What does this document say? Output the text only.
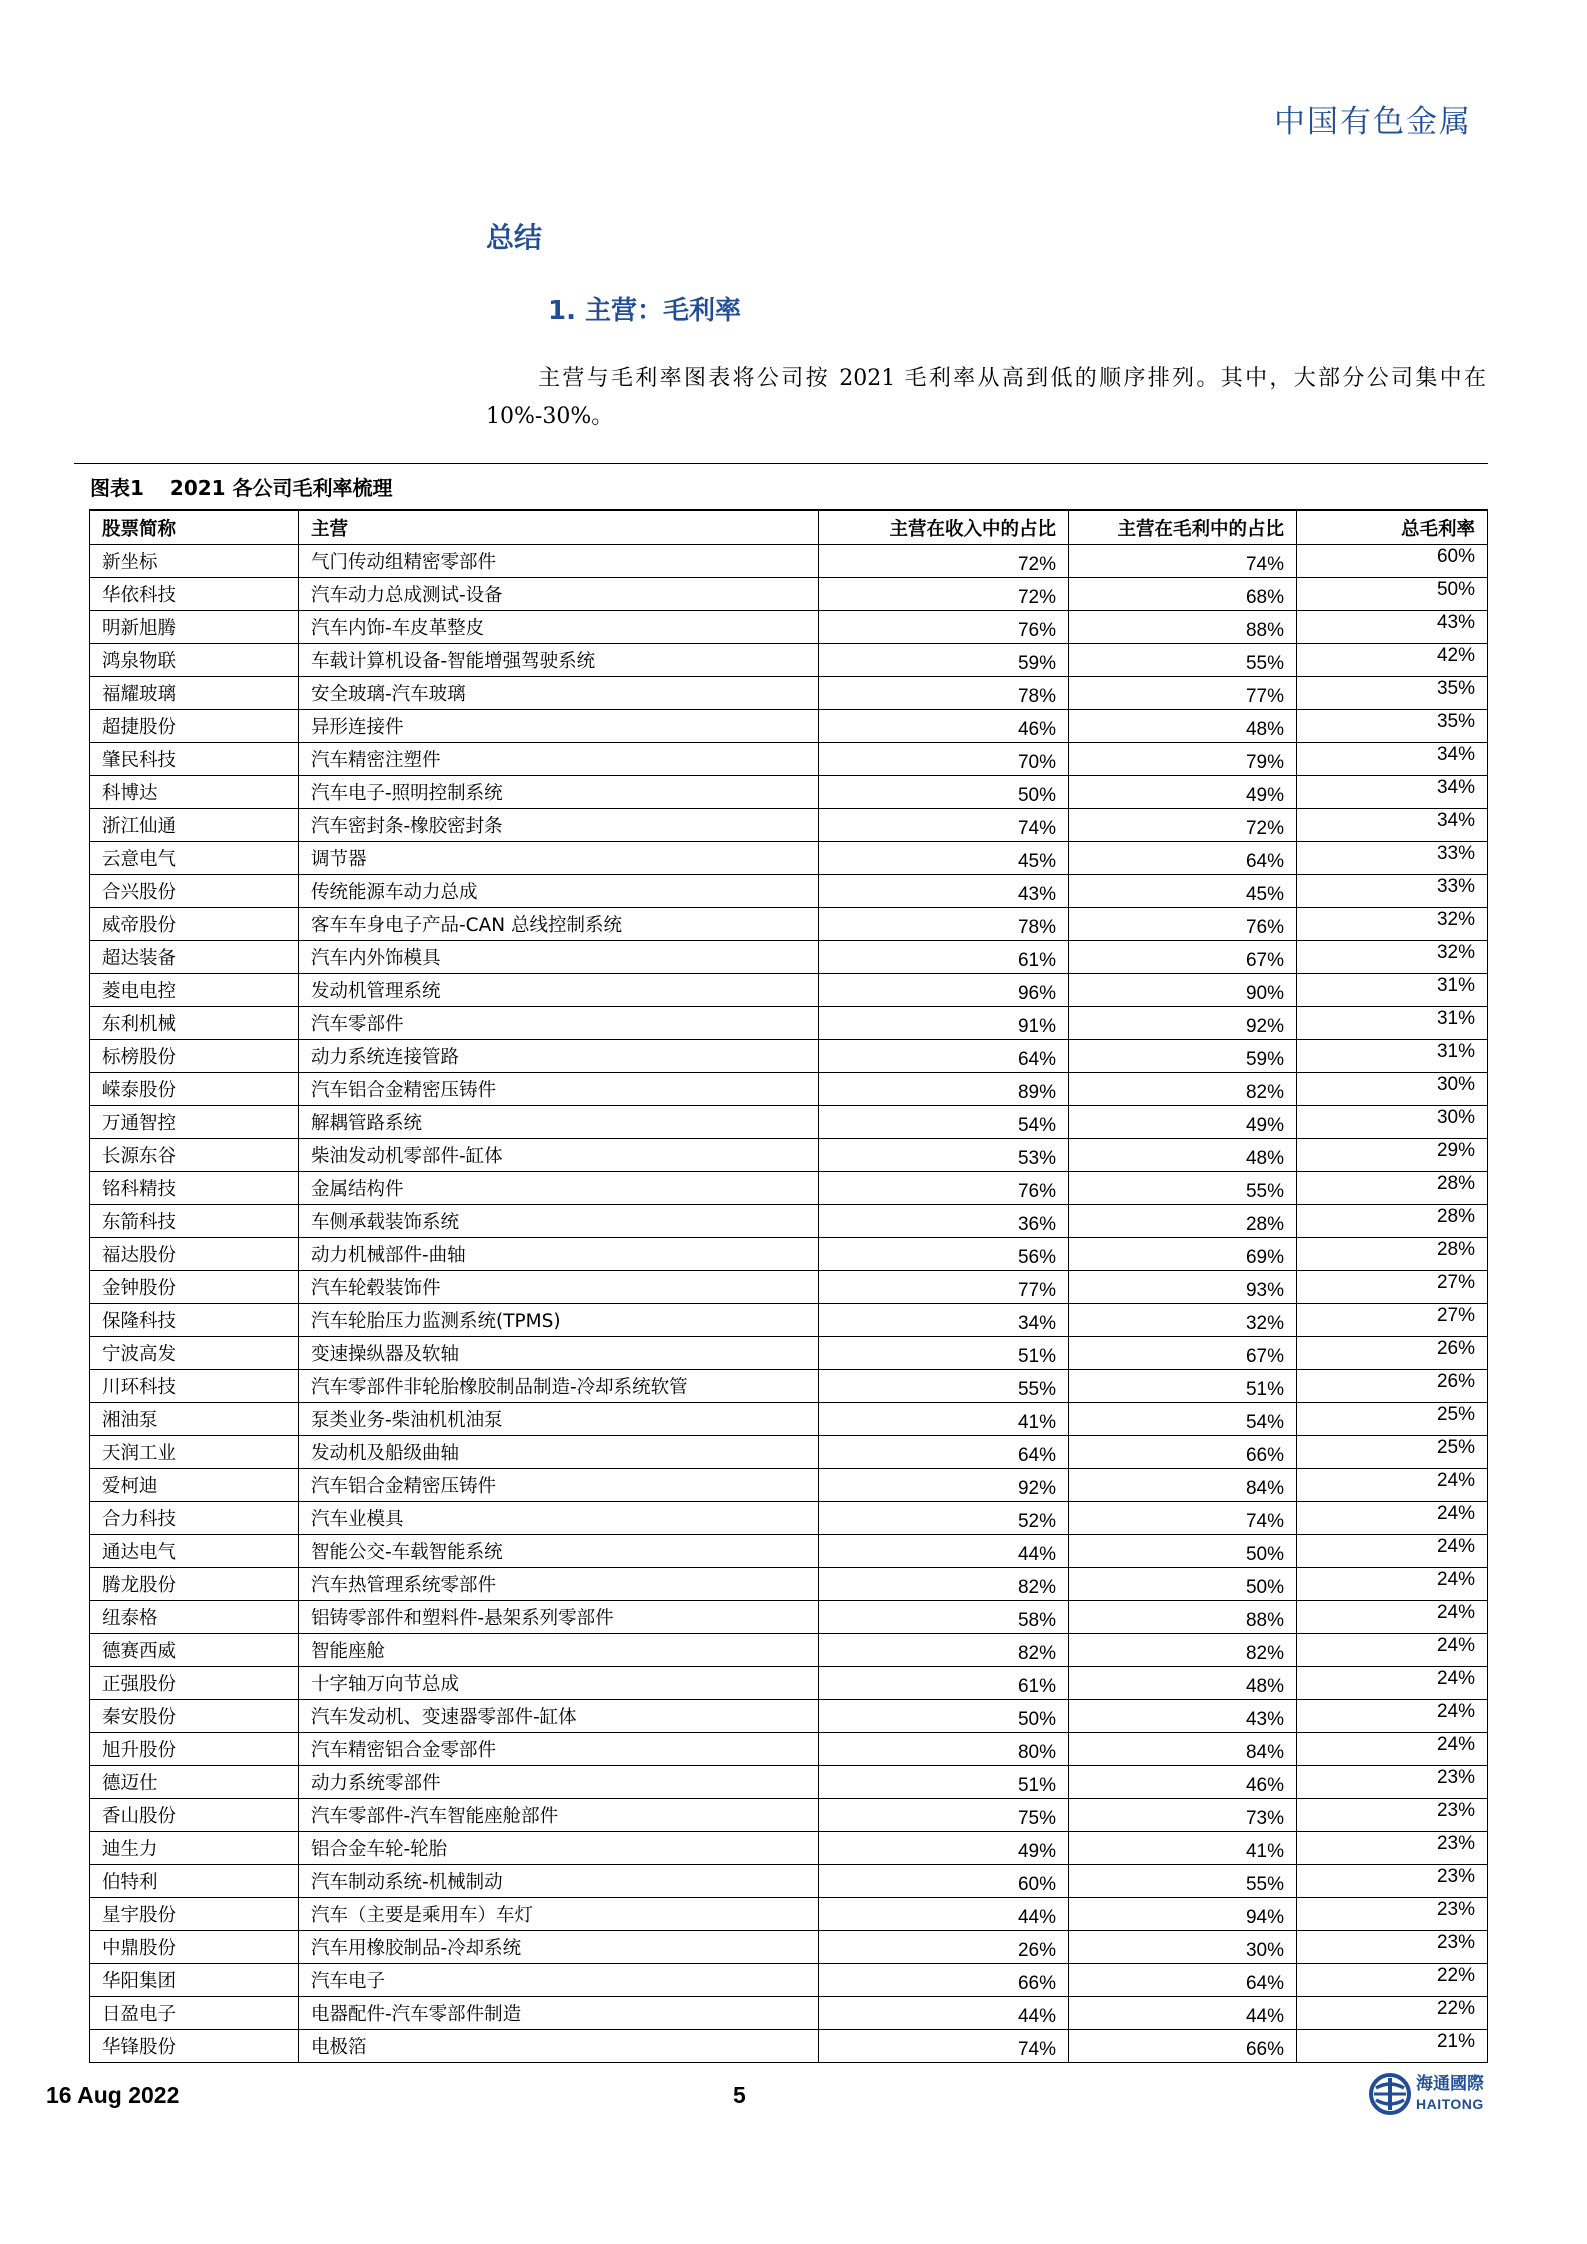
中国有色金属
总结
1. 主营：毛利率

主营与毛利率图表将公司按 2021 毛利率从高到低的顺序排列。其中，大部分公司集中在 10%-30%。

图表1 2021 各公司毛利率梳理
股票简称	主营	主营在收入中的占比	主营在毛利中的占比	总毛利率
新坐标	气门传动组精密零部件	72%	74%	60%
华依科技	汽车动力总成测试-设备	72%	68%	50%
明新旭腾	汽车内饰-车皮革整皮	76%	88%	43%
鸿泉物联	车载计算机设备-智能增强驾驶系统	59%	55%	42%
福耀玻璃	安全玻璃-汽车玻璃	78%	77%	35%
超捷股份	异形连接件	46%	48%	35%
肇民科技	汽车精密注塑件	70%	79%	34%
科博达	汽车电子-照明控制系统	50%	49%	34%
浙江仙通	汽车密封条-橡胶密封条	74%	72%	34%
云意电气	调节器	45%	64%	33%
合兴股份	传统能源车动力总成	43%	45%	33%
威帝股份	客车车身电子产品-CAN 总线控制系统	78%	76%	32%
超达装备	汽车内外饰模具	61%	67%	32%
菱电电控	发动机管理系统	96%	90%	31%
东利机械	汽车零部件	91%	92%	31%
标榜股份	动力系统连接管路	64%	59%	31%
嵘泰股份	汽车铝合金精密压铸件	89%	82%	30%
万通智控	解耦管路系统	54%	49%	30%
长源东谷	柴油发动机零部件-缸体	53%	48%	29%
铭科精技	金属结构件	76%	55%	28%
东箭科技	车侧承载装饰系统	36%	28%	28%
福达股份	动力机械部件-曲轴	56%	69%	28%
金钟股份	汽车轮毂装饰件	77%	93%	27%
保隆科技	汽车轮胎压力监测系统(TPMS)	34%	32%	27%
宁波高发	变速操纵器及软轴	51%	67%	26%
川环科技	汽车零部件非轮胎橡胶制品制造-冷却系统软管	55%	51%	26%
湘油泵	泵类业务-柴油机机油泵	41%	54%	25%
天润工业	发动机及船级曲轴	64%	66%	25%
爱柯迪	汽车铝合金精密压铸件	92%	84%	24%
合力科技	汽车业模具	52%	74%	24%
通达电气	智能公交-车载智能系统	44%	50%	24%
腾龙股份	汽车热管理系统零部件	82%	50%	24%
纽泰格	铝铸零部件和塑料件-悬架系列零部件	58%	88%	24%
德赛西威	智能座舱	82%	82%	24%
正强股份	十字轴万向节总成	61%	48%	24%
秦安股份	汽车发动机、变速器零部件-缸体	50%	43%	24%
旭升股份	汽车精密铝合金零部件	80%	84%	24%
德迈仕	动力系统零部件	51%	46%	23%
香山股份	汽车零部件-汽车智能座舱部件	75%	73%	23%
迪生力	铝合金车轮-轮胎	49%	41%	23%
伯特利	汽车制动系统-机械制动	60%	55%	23%
星宇股份	汽车（主要是乘用车）车灯	44%	94%	23%
中鼎股份	汽车用橡胶制品-冷却系统	26%	30%	23%
华阳集团	汽车电子	66%	64%	22%
日盈电子	电器配件-汽车零部件制造	44%	44%	22%
华锋股份	电极箔	74%	66%	21%
16 Aug 2022	5	海通國際
HAITONG
